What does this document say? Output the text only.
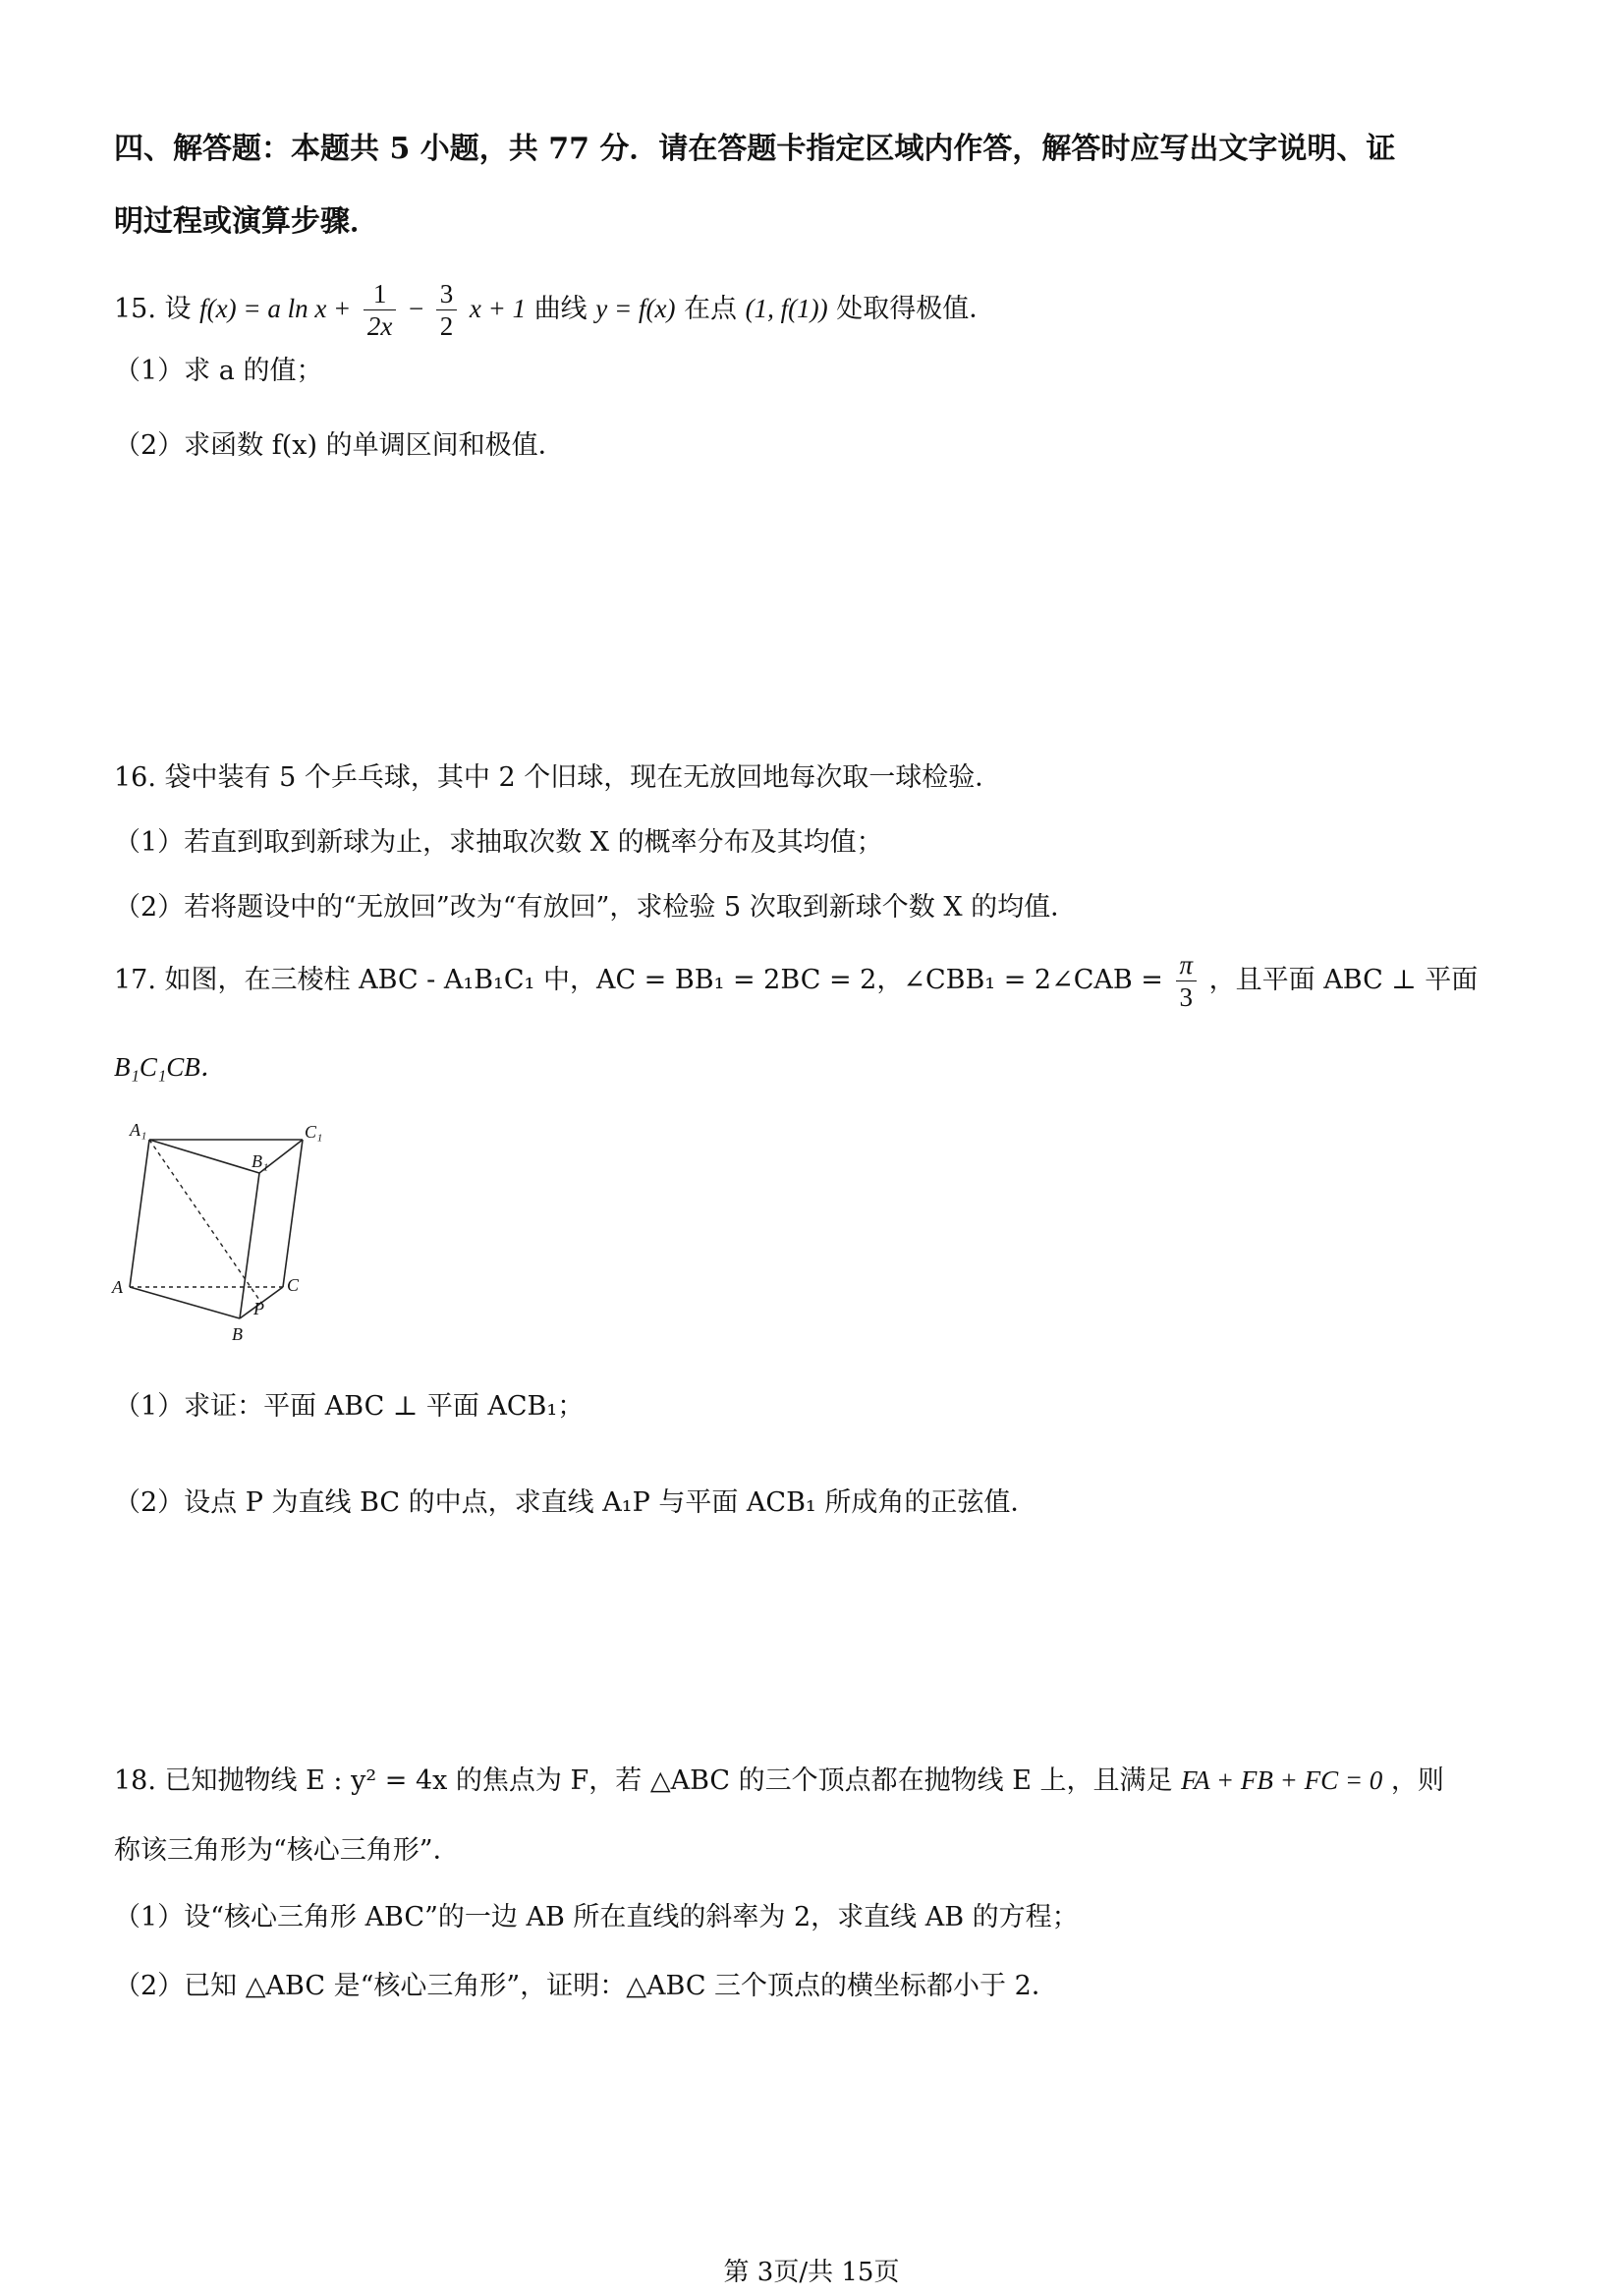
四、解答题：本题共 5 小题，共 77 分．请在答题卡指定区域内作答，解答时应写出文字说明、证
明过程或演算步骤．
15. 设 f(x) = a $\ln x + \frac{1}{2x} - \frac{3}{2}$ x + 1 曲线 y = f(x) 在点 (1, f(1)) 处取得极值．
（1）求 a 的值；
（2）求函数 f(x) 的单调区间和极值．
16. 袋中装有 5 个乒乓球，其中 2 个旧球，现在无放回地每次取一球检验．
（1）若直到取到新球为止，求抽取次数 X 的概率分布及其均值；
（2）若将题设中的“无放回”改为“有放回”，求检验 5 次取到新球个数 X 的均值．
17. 如图，在三棱柱 ABC - A₁B₁C₁ 中，AC = BB₁ = 2BC = 2，∠CBB₁ = 2∠CAB = $\frac{\pi}{3}$ ，且平面 ABC ⊥ 平面
B₁C₁CB．
A₁
B₁
C₁
A
B
C
P
（1）求证：平面 ABC ⊥ 平面 ACB₁；
（2）设点 P 为直线 BC 的中点，求直线 A₁P 与平面 ACB₁ 所成角的正弦值．
18. 已知抛物线 E : y² = 4x 的焦点为 F，若 △ABC 的三个顶点都在抛物线 E 上，且满足 FA + FB + FC = 0 ，则
称该三角形为“核心三角形”．
（1）设“核心三角形 ABC”的一边 AB 所在直线的斜率为 2，求直线 AB 的方程；
（2）已知 △ABC 是“核心三角形”，证明：△ABC 三个顶点的横坐标都小于 2．
第 3页/共 15页
